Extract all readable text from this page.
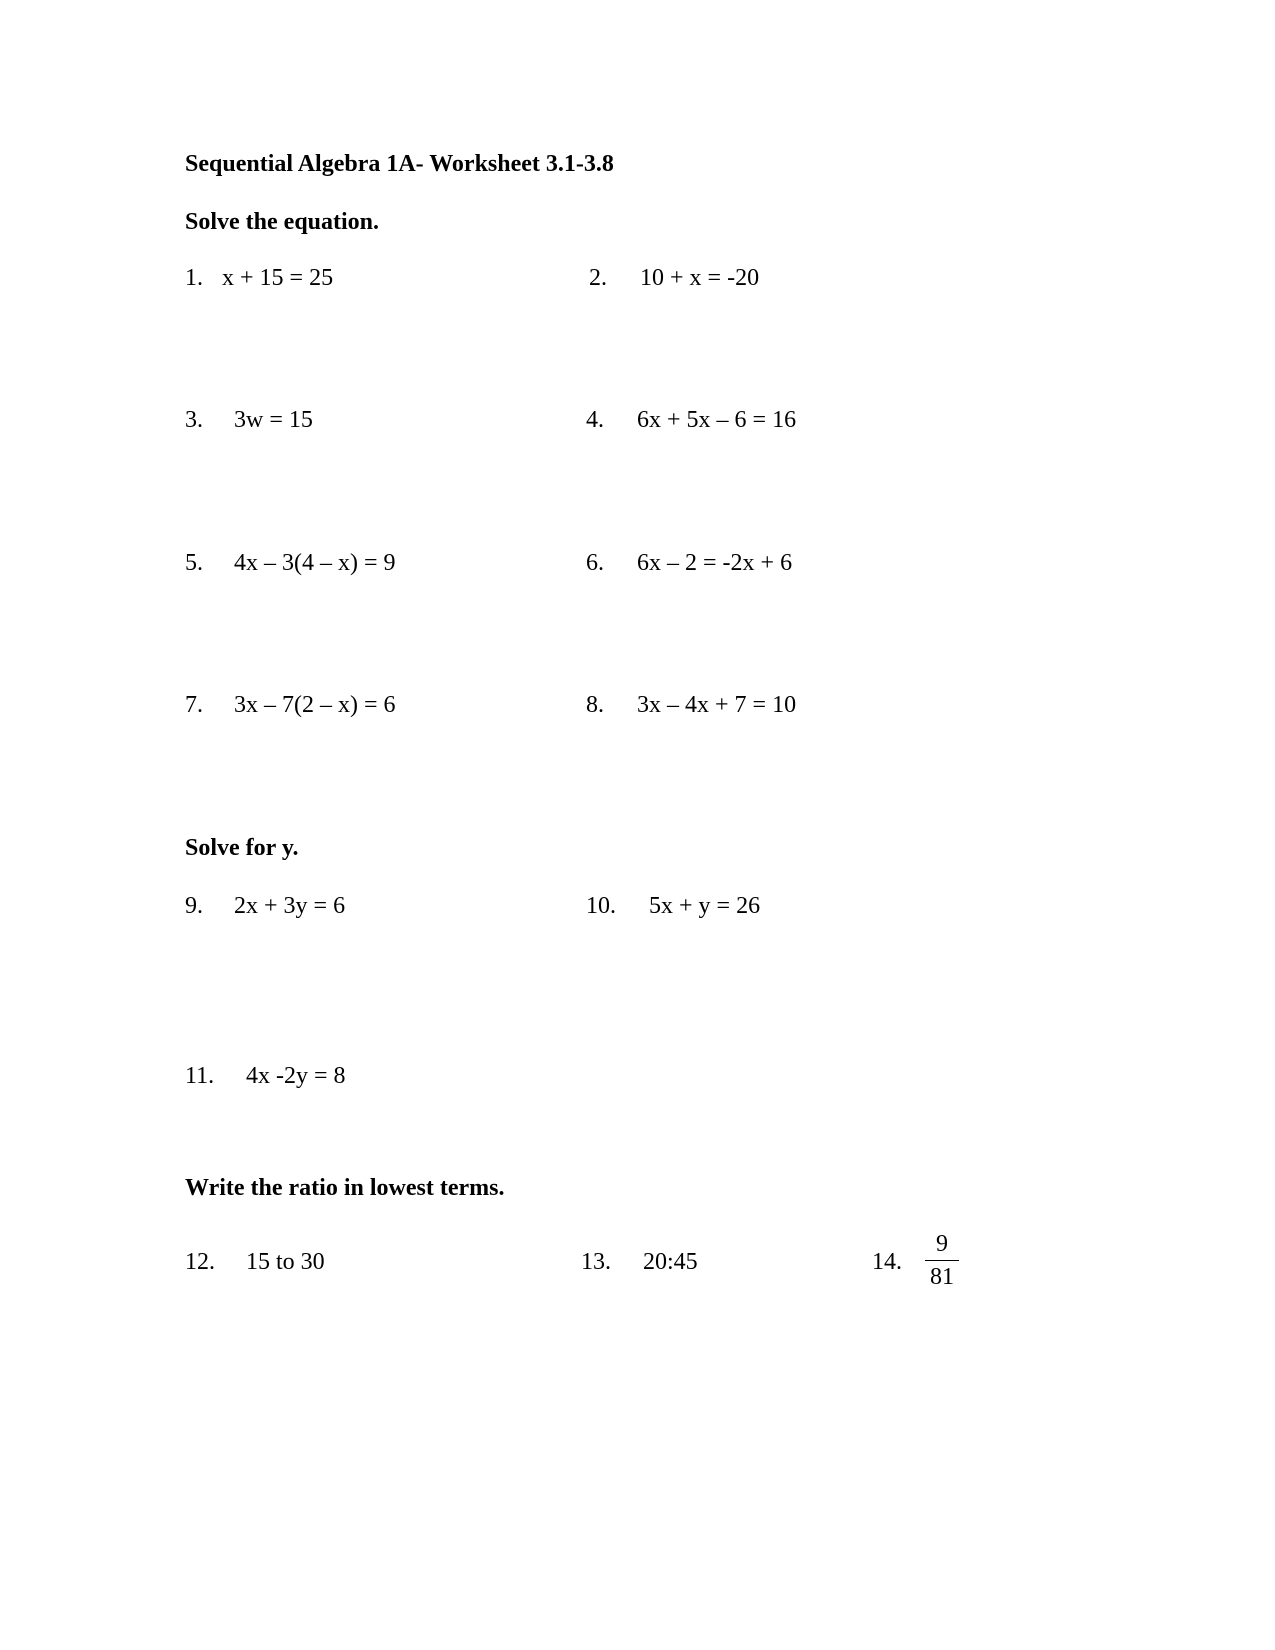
Sequential Algebra 1A- Worksheet 3.1-3.8
Solve the equation.
1. x + 15 = 25	2. 10 + x = -20
3. 3w = 15	4. 6x + 5x – 6 = 16
5. 4x – 3(4 – x) = 9	6. 6x – 2 = -2x + 6
7. 3x – 7(2 – x) = 6	8. 3x – 4x + 7 = 10
Solve for y.
9. 2x + 3y = 6	10. 5x + y = 26
11. 4x -2y = 8
Write the ratio in lowest terms.
12. 15 to 30	13. 20:45	14.
9
81
